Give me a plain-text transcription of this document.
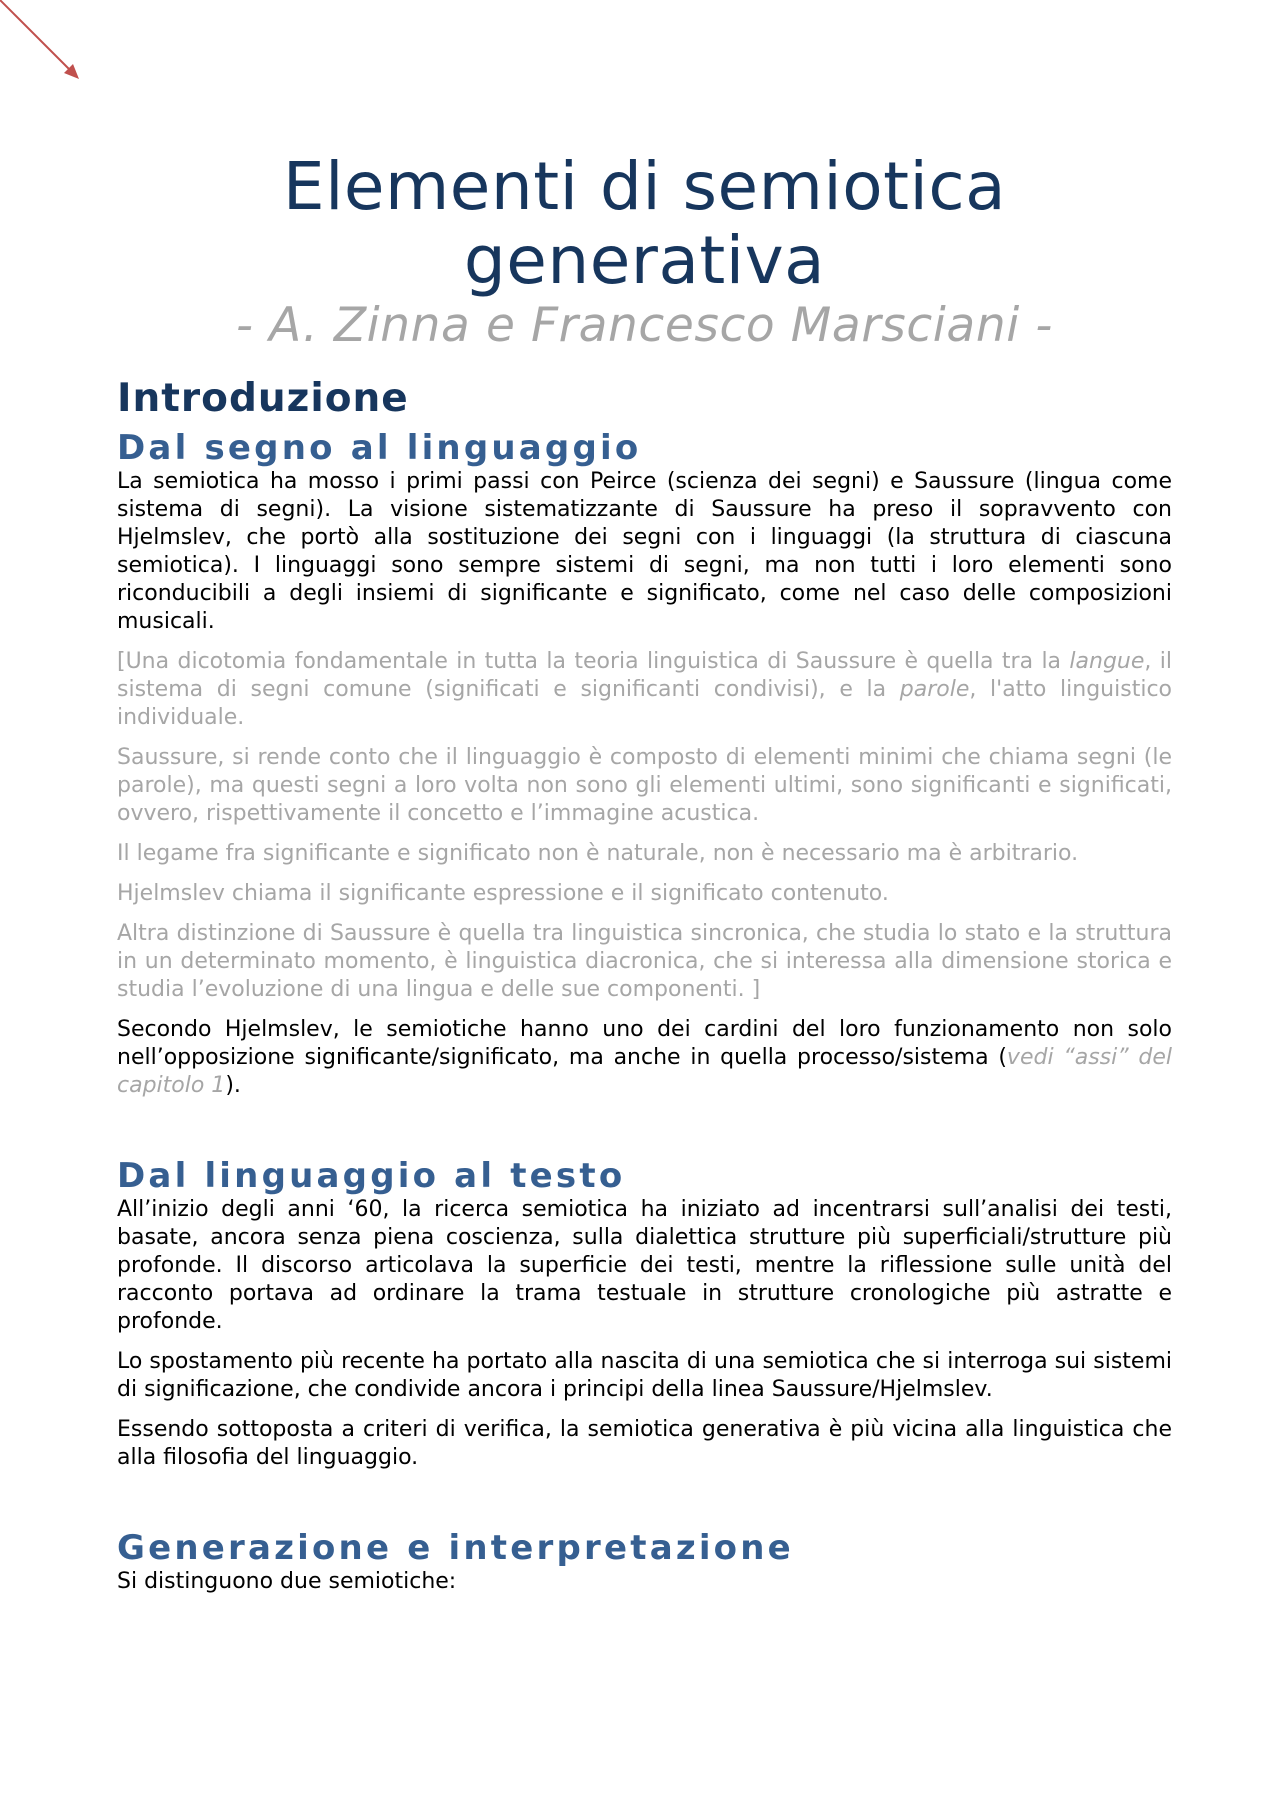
Elementi di semiotica generativa
- A. Zinna e Francesco Marsciani -
Introduzione
Dal segno al linguaggio

La semiotica ha mosso i primi passi con Peirce (scienza dei segni) e Saussure (lingua come sistema di segni). La visione sistematizzante di Saussure ha preso il sopravvento con Hjelmslev, che portò alla sostituzione dei segni con i linguaggi (la struttura di ciascuna semiotica). I linguaggi sono sempre sistemi di segni, ma non tutti i loro elementi sono riconducibili a degli insiemi di significante e significato, come nel caso delle composizioni musicali.

[Una dicotomia fondamentale in tutta la teoria linguistica di Saussure è quella tra la langue, il sistema di segni comune (significati e significanti condivisi), e la parole, l'atto linguistico individuale.

Saussure, si rende conto che il linguaggio è composto di elementi minimi che chiama segni (le parole), ma questi segni a loro volta non sono gli elementi ultimi, sono significanti e significati, ovvero, rispettivamente il concetto e l’immagine acustica.

Il legame fra significante e significato non è naturale, non è necessario ma è arbitrario.

Hjelmslev chiama il significante espressione e il significato contenuto.

Altra distinzione di Saussure è quella tra linguistica sincronica, che studia lo stato e la struttura in un determinato momento, è linguistica diacronica, che si interessa alla dimensione storica e studia l’evoluzione di una lingua e delle sue componenti. ]

Secondo Hjelmslev, le semiotiche hanno uno dei cardini del loro funzionamento non solo nell’opposizione significante/significato, ma anche in quella processo/sistema (vedi “assi” del capitolo 1).

Dal linguaggio al testo

All’inizio degli anni ‘60, la ricerca semiotica ha iniziato ad incentrarsi sull’analisi dei testi, basate, ancora senza piena coscienza, sulla dialettica strutture più superficiali/strutture più profonde. Il discorso articolava la superficie dei testi, mentre la riflessione sulle unità del racconto portava ad ordinare la trama testuale in strutture cronologiche più astratte e profonde.

Lo spostamento più recente ha portato alla nascita di una semiotica che si interroga sui sistemi di significazione, che condivide ancora i principi della linea Saussure/Hjelmslev.

Essendo sottoposta a criteri di verifica, la semiotica generativa è più vicina alla linguistica che alla filosofia del linguaggio.

Generazione e interpretazione

Si distinguono due semiotiche:
